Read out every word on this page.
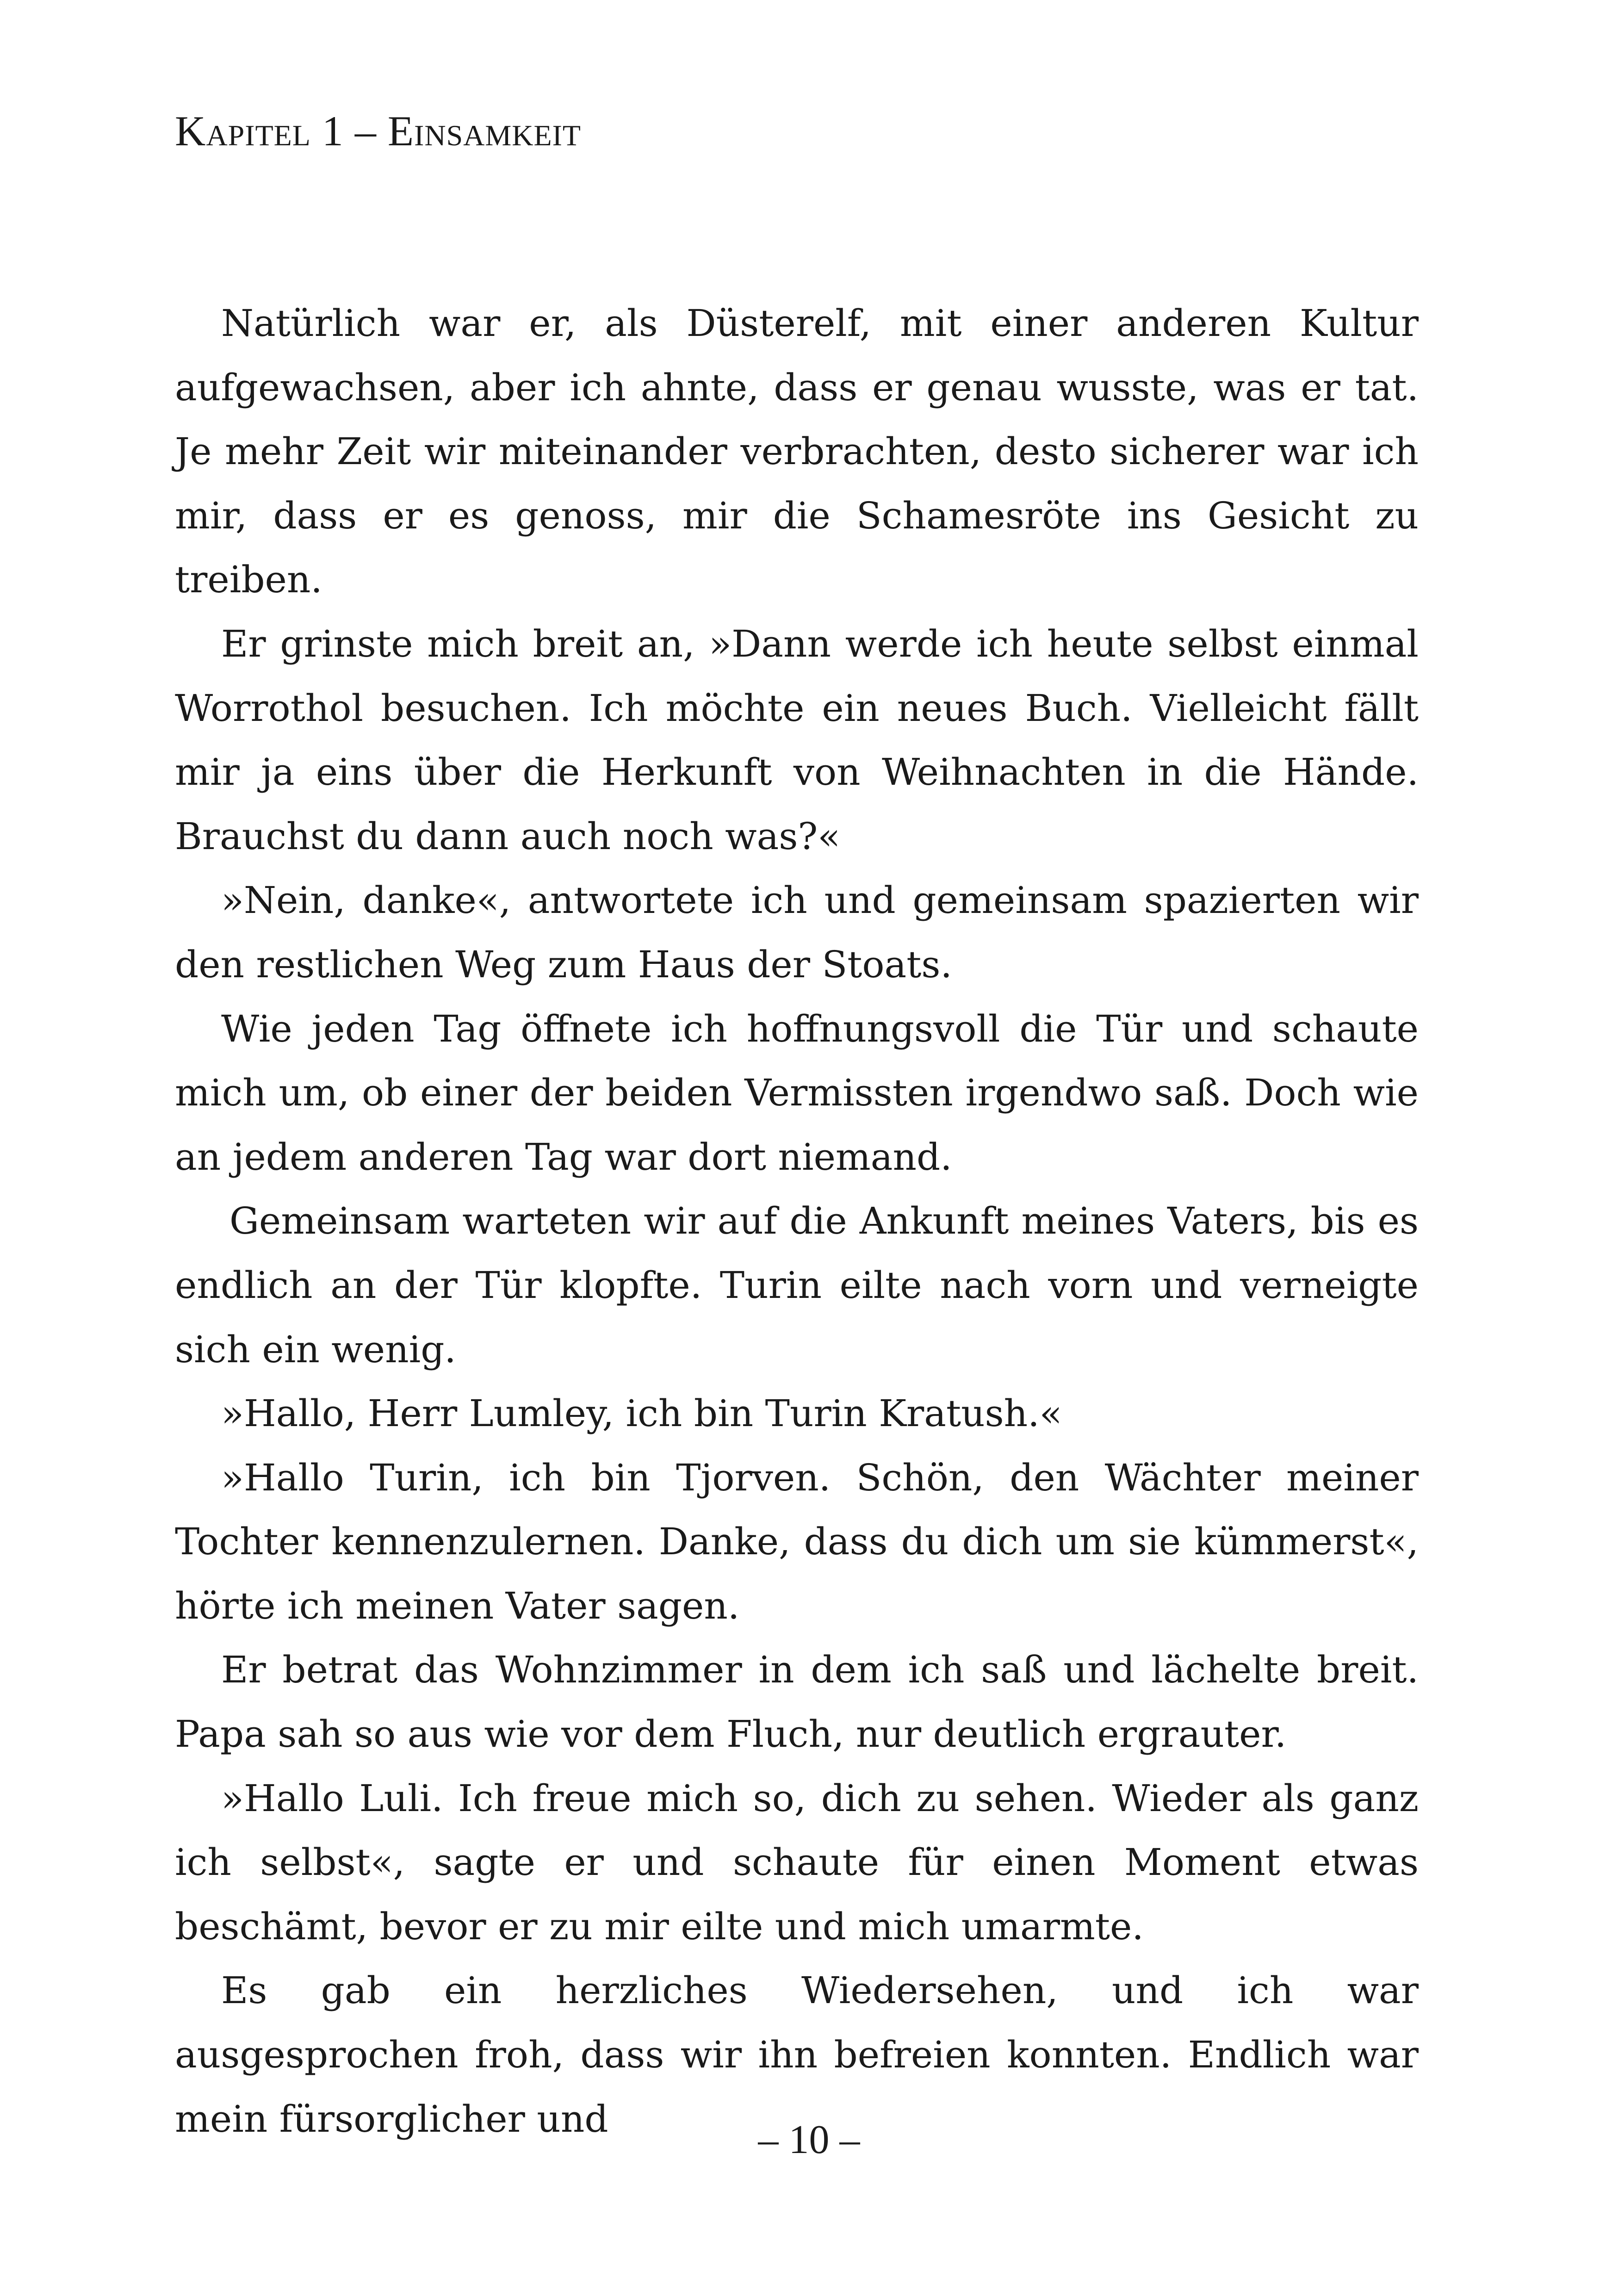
Kapitel 1 – Einsamkeit

Natürlich war er, als Düsterelf, mit einer anderen Kultur aufgewachsen, aber ich ahnte, dass er genau wusste, was er tat. Je mehr Zeit wir miteinander verbrachten, desto sicherer war ich mir, dass er es genoss, mir die Schamesröte ins Gesicht zu treiben.

Er grinste mich breit an, »Dann werde ich heute selbst einmal Worrothol besuchen. Ich möchte ein neues Buch. Vielleicht fällt mir ja eins über die Herkunft von Weihnachten in die Hände. Brauchst du dann auch noch was?«

»Nein, danke«, antwortete ich und gemeinsam spazierten wir den restlichen Weg zum Haus der Stoats.

Wie jeden Tag öffnete ich hoffnungsvoll die Tür und schaute mich um, ob einer der beiden Vermissten irgendwo saß. Doch wie an jedem anderen Tag war dort niemand.

Gemeinsam warteten wir auf die Ankunft meines Vaters, bis es endlich an der Tür klopfte. Turin eilte nach vorn und verneigte sich ein wenig.

»Hallo, Herr Lumley, ich bin Turin Kratush.«

»Hallo Turin, ich bin Tjorven. Schön, den Wächter meiner Tochter kennenzulernen. Danke, dass du dich um sie kümmerst«, hörte ich meinen Vater sagen.

Er betrat das Wohnzimmer in dem ich saß und lächelte breit. Papa sah so aus wie vor dem Fluch, nur deutlich ergrauter.

»Hallo Luli. Ich freue mich so, dich zu sehen. Wieder als ganz ich selbst«, sagte er und schaute für einen Moment etwas beschämt, bevor er zu mir eilte und mich umarmte.

Es gab ein herzliches Wiedersehen, und ich war ausgesprochen froh, dass wir ihn befreien konnten. Endlich war mein fürsorglicher und	– 10 –
